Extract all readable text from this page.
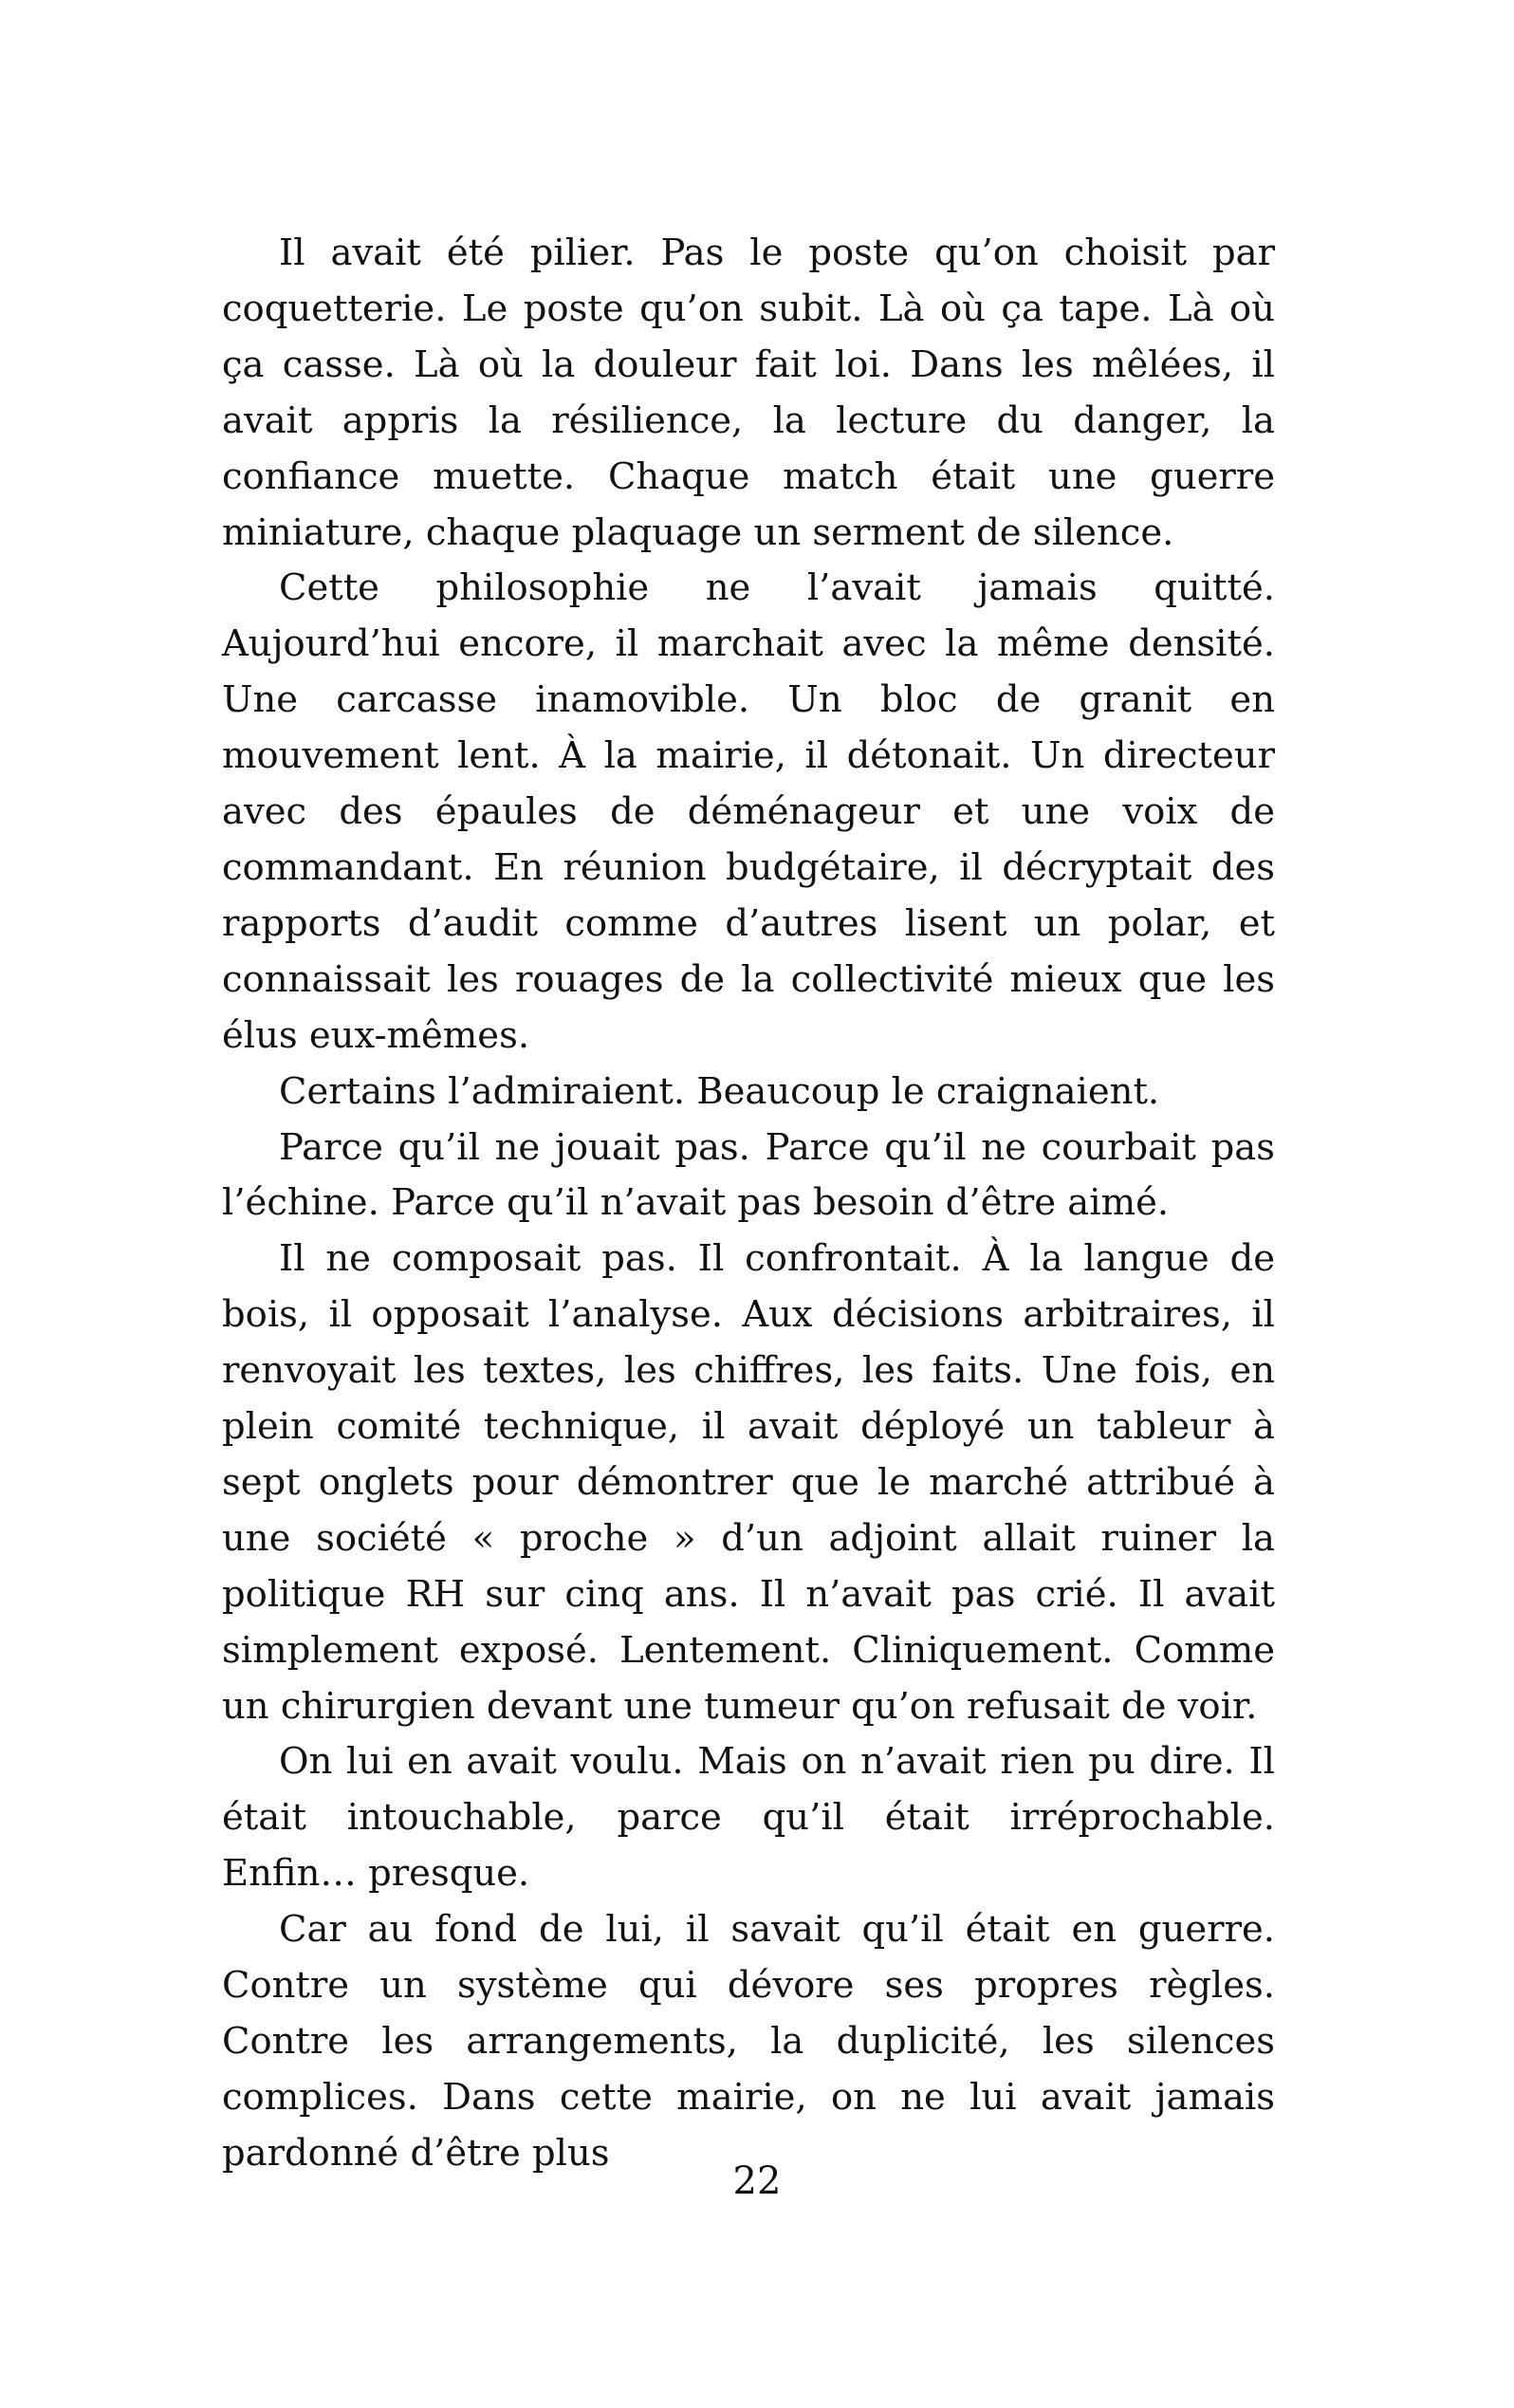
Il avait été pilier. Pas le poste qu’on choisit par coquetterie. Le poste qu’on subit. Là où ça tape. Là où ça casse. Là où la douleur fait loi. Dans les mêlées, il avait appris la résilience, la lecture du danger, la confiance muette. Chaque match était une guerre miniature, chaque plaquage un serment de silence.

Cette philosophie ne l’avait jamais quitté. Aujourd’hui encore, il marchait avec la même densité. Une carcasse inamovible. Un bloc de granit en mouvement lent. À la mairie, il détonait. Un directeur avec des épaules de déménageur et une voix de commandant. En réunion budgétaire, il décryptait des rapports d’audit comme d’autres lisent un polar, et connaissait les rouages de la collectivité mieux que les élus eux-mêmes.

Certains l’admiraient. Beaucoup le craignaient.

Parce qu’il ne jouait pas. Parce qu’il ne courbait pas l’échine. Parce qu’il n’avait pas besoin d’être aimé.

Il ne composait pas. Il confrontait. À la langue de bois, il opposait l’analyse. Aux décisions arbitraires, il renvoyait les textes, les chiffres, les faits. Une fois, en plein comité technique, il avait déployé un tableur à sept onglets pour démontrer que le marché attribué à une société « proche » d’un adjoint allait ruiner la politique RH sur cinq ans. Il n’avait pas crié. Il avait simplement exposé. Lentement. Cliniquement. Comme un chirurgien devant une tumeur qu’on refusait de voir.

On lui en avait voulu. Mais on n’avait rien pu dire. Il était intouchable, parce qu’il était irréprochable. Enfin… presque.

Car au fond de lui, il savait qu’il était en guerre. Contre un système qui dévore ses propres règles. Contre les arrangements, la duplicité, les silences complices. Dans cette mairie, on ne lui avait jamais pardonné d’être plus

22
